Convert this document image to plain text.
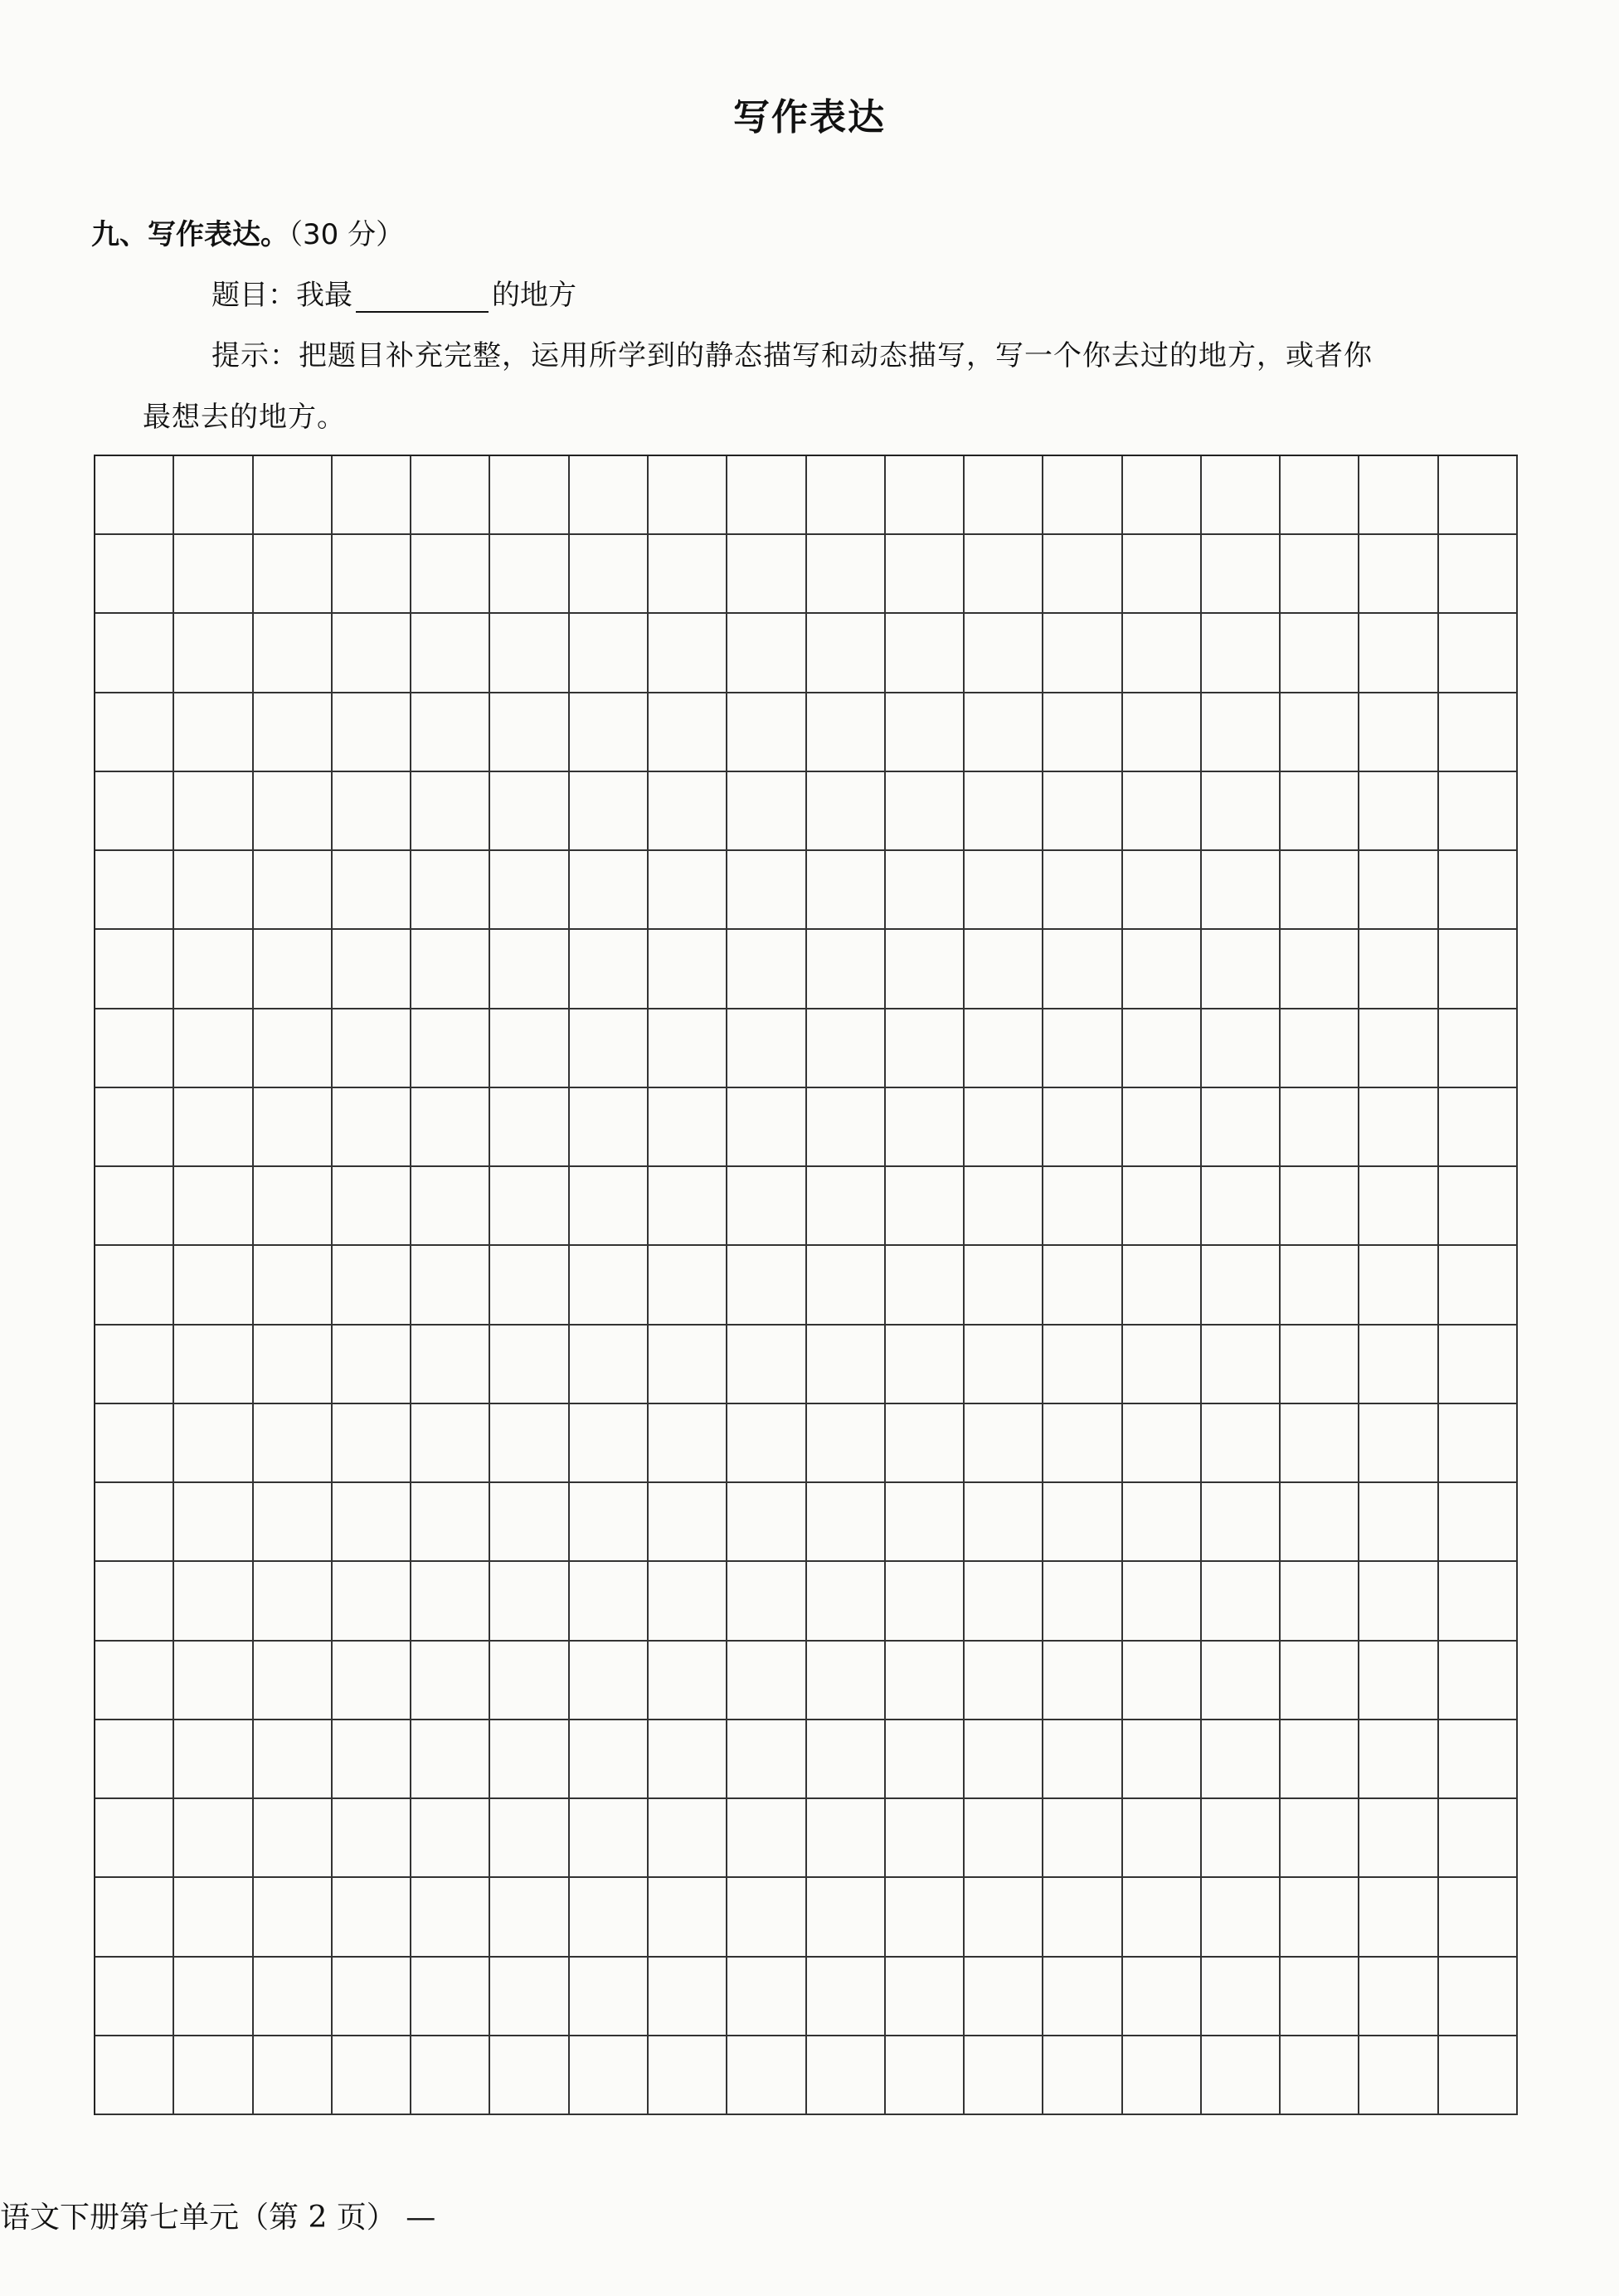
写作表达
九、写作表达。（30 分）
题目：我最	的地方
提示：把题目补充完整，运用所学到的静态描写和动态描写，写一个你去过的地方，或者你
最想去的地方。
语文下册第七单元（第 2 页） —
